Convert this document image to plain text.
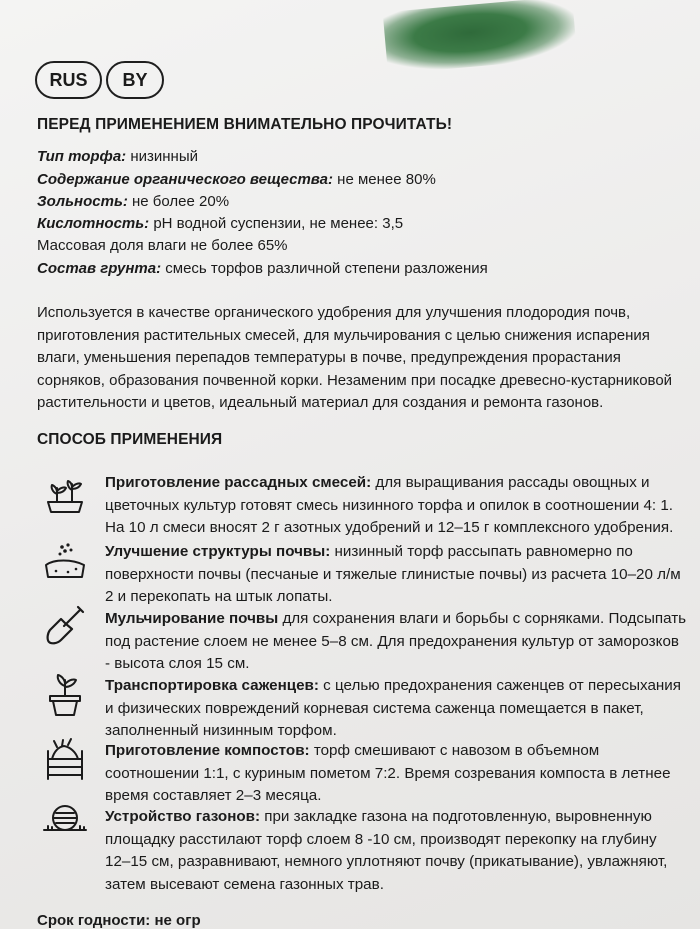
RUS	BY
ПЕРЕД ПРИМЕНЕНИЕМ ВНИМАТЕЛЬНО ПРОЧИТАТЬ!
Тип торфа: низинный
Содержание органического вещества: не менее 80%
Зольность: не более 20%
Кислотность: pH водной суспензии, не менее: 3,5
Массовая доля влаги не более 65%
Состав грунта: смесь торфов различной степени разложения
Используется в качестве органического удобрения для улучшения плодородия почв,
приготовления растительных смесей, для мульчирования с целью снижения испарения
влаги, уменьшения перепадов температуры в почве, предупреждения прорастания
сорняков, образования почвенной корки. Незаменим при посадке древесно-кустарниковой
растительности и цветов, идеальный материал для создания и ремонта газонов.
СПОСОБ ПРИМЕНЕНИЯ
Приготовление рассадных смесей: для выращивания рассады овощных и
цветочных культур готовят смесь низинного торфа и опилок в соотношении 4: 1.
На 10 л смеси вносят 2 г азотных удобрений и 12–15 г комплексного удобрения.
Улучшение структуры почвы: низинный торф рассыпать равномерно по
поверхности почвы (песчаные и тяжелые глинистые почвы) из расчета 10–20 л/м
2 и перекопать на штык лопаты.
Мульчирование почвы для сохранения влаги и борьбы с сорняками. Подсыпать
под растение слоем не менее 5–8 см. Для предохранения культур от заморозков
- высота слоя 15 см.
Транспортировка саженцев: с целью предохранения саженцев от пересыхания
и физических повреждений корневая система саженца помещается в пакет,
заполненный низинным торфом.
Приготовление компостов: торф смешивают с навозом в объемном
соотношении 1:1, с куриным пометом 7:2. Время созревания компоста в летнее
время составляет 2–3 месяца.
Устройство газонов: при закладке газона на подготовленную, выровненную
площадку расстилают торф слоем 8 -10 см, производят перекопку на глубину
12–15 см, разравнивают, немного уплотняют почву (прикатывание), увлажняют,
затем высевают семена газонных трав.
Срок годности: не огр
